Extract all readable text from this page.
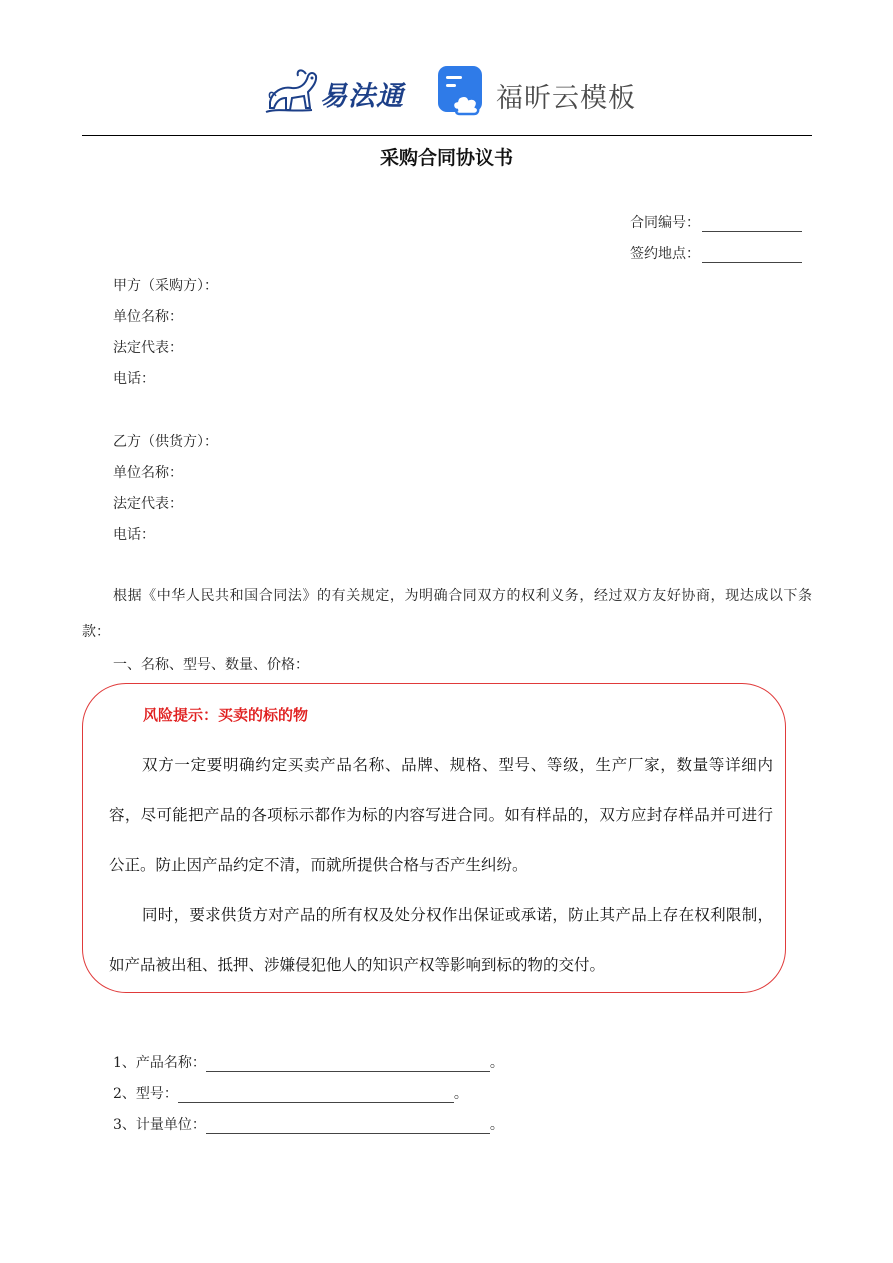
易法通	福昕云模板
采购合同协议书
合同编号：
签约地点：
甲方（采购方）：
单位名称：
法定代表：
电话：
乙方（供货方）：
单位名称：
法定代表：
电话：
根据《中华人民共和国合同法》的有关规定，为明确合同双方的权利义务，经过双方友好协商，现达成以下条款：
一、名称、型号、数量、价格：
风险提示：买卖的标的物
双方一定要明确约定买卖产品名称、品牌、规格、型号、等级，生产厂家，数量等详细内容，尽可能把产品的各项标示都作为标的内容写进合同。如有样品的，双方应封存样品并可进行公正。防止因产品约定不清，而就所提供合格与否产生纠纷。
同时，要求供货方对产品的所有权及处分权作出保证或承诺，防止其产品上存在权利限制，如产品被出租、抵押、涉嫌侵犯他人的知识产权等影响到标的物的交付。
1、产品名称：	。
2、型号：	。
3、计量单位：	。
